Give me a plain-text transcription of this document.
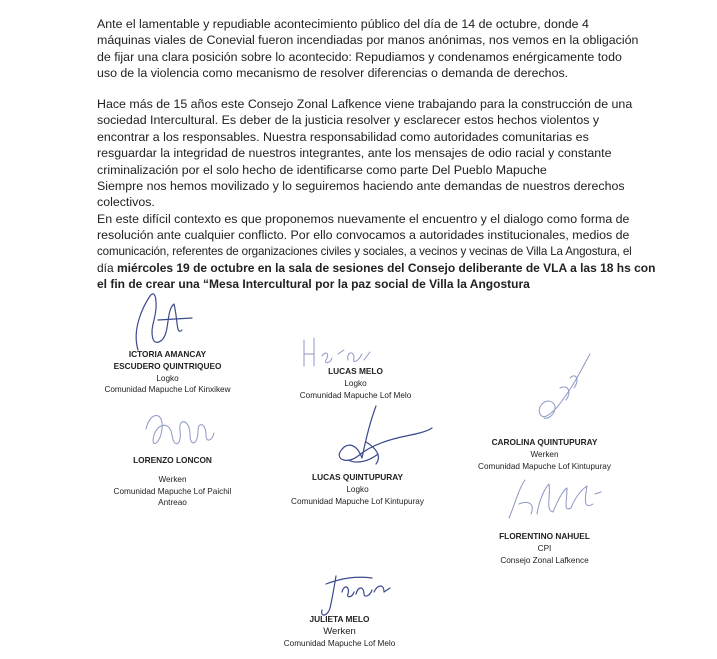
Ante el lamentable y repudiable acontecimiento público del día de 14 de octubre, donde 4
máquinas viales de Conevial fueron incendiadas por manos anónimas, nos vemos en la obligación
de fijar una clara posición sobre lo acontecido: Repudiamos y condenamos enérgicamente todo
uso de la violencia como mecanismo de resolver diferencias o demanda de derechos.
Hace más de 15 años este Consejo Zonal Lafkence viene trabajando para la construcción de una
sociedad Intercultural. Es deber de la justicia resolver y esclarecer estos hechos violentos y
encontrar a los responsables. Nuestra responsabilidad como autoridades comunitarias es
resguardar la integridad de nuestros integrantes, ante los mensajes de odio racial y constante
criminalización por el solo hecho de identificarse como parte Del Pueblo Mapuche
Siempre nos hemos movilizado y lo seguiremos haciendo ante demandas de nuestros derechos
colectivos.
En este difícil contexto es que proponemos nuevamente el encuentro y el dialogo como forma de
resolución ante cualquier conflicto. Por ello convocamos a autoridades institucionales, medios de
comunicación, referentes de organizaciones civiles y sociales, a vecinos y vecinas de Villa La Angostura, el
día miércoles 19 de octubre en la sala de sesiones del Consejo deliberante de VLA a las 18 hs con
el fin de crear una “Mesa Intercultural por la paz social de Villa la Angostura
ICTORIA AMANCAY
ESCUDERO QUINTRIQUEO
Logko
Comunidad Mapuche Lof Kinxikew
LUCAS MELO
Logko
Comunidad Mapuche Lof Melo
CAROLINA QUINTUPURAY
Werken
Comunidad Mapuche Lof Kintupuray
LORENZO LONCON
Werken
Comunidad Mapuche Lof Paichil
Antreao
LUCAS QUINTUPURAY
Logko
Comunidad Mapuche Lof Kintupuray
FLORENTINO NAHUEL
CPI
Consejo Zonal Lafkence
JULIETA MELO
Werken
Comunidad Mapuche Lof Melo
